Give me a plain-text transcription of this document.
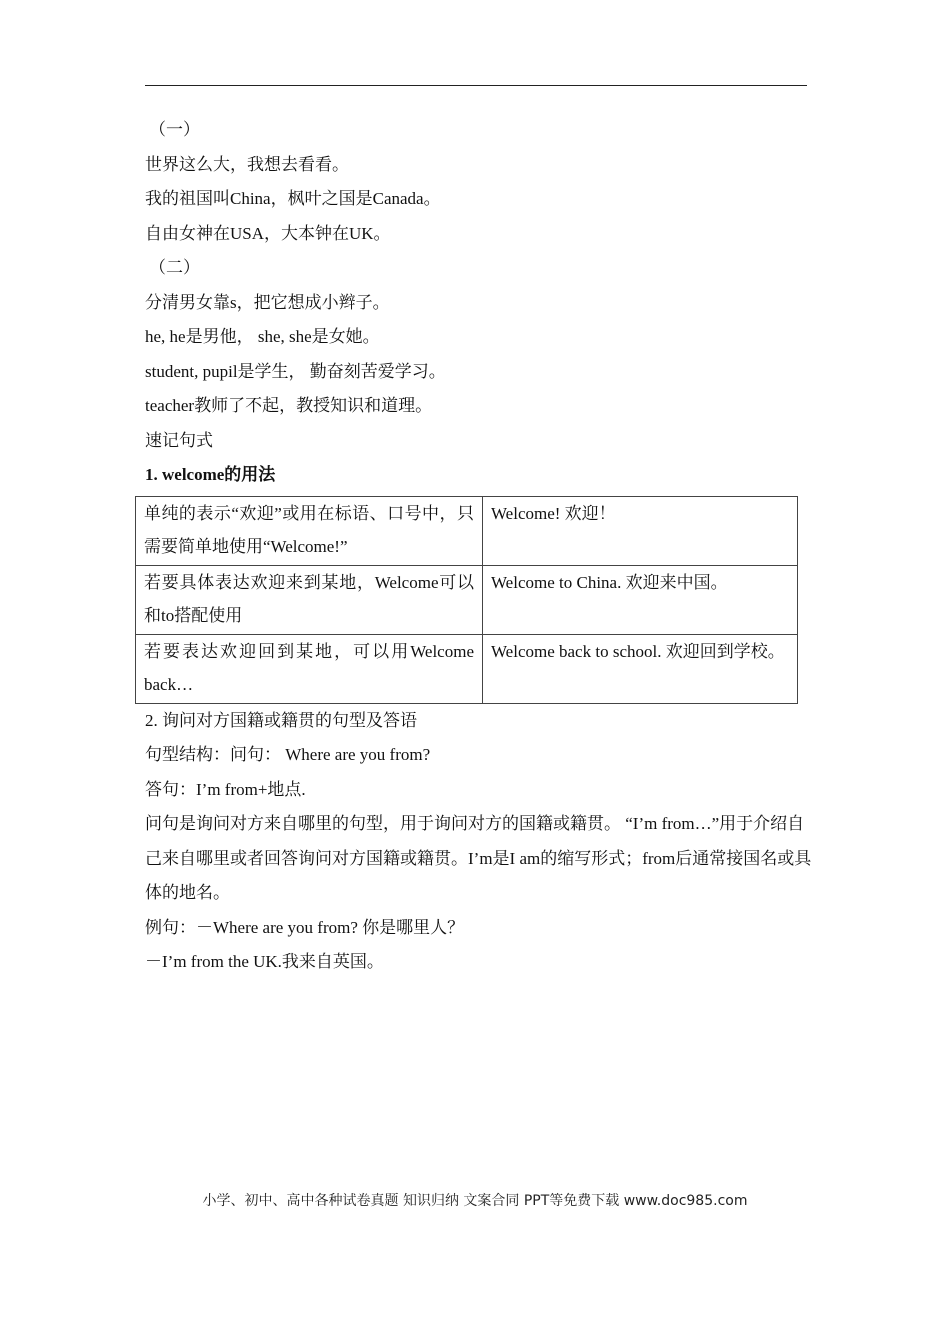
（一）
世界这么大，我想去看看。
我的祖国叫China，枫叶之国是Canada。
自由女神在USA，大本钟在UK。
（二）
分清男女靠s，把它想成小辫子。
he, he是男他， she, she是女她。
student, pupil是学生， 勤奋刻苦爱学习。
teacher教师了不起，教授知识和道理。
速记句式
1. welcome的用法
单纯的表示“欢迎”或用在标语、口号中，只需要简单地使用“Welcome!”	Welcome! 欢迎！
若要具体表达欢迎来到某地，Welcome可以和to搭配使用	Welcome to China. 欢迎来中国。
若要表达欢迎回到某地，可以用Welcome back…	Welcome back to school. 欢迎回到学校。
2. 询问对方国籍或籍贯的句型及答语
句型结构：问句： Where are you from?
答句：I’m from+地点.
问句是询问对方来自哪里的句型，用于询问对方的国籍或籍贯。 “I’m from…”用于介绍自己来自哪里或者回答询问对方国籍或籍贯。I’m是I am的缩写形式；from后通常接国名或具体的地名。
例句：－Where are you from? 你是哪里人？
－I’m from the UK.我来自英国。
小学、初中、高中各种试卷真题 知识归纳 文案合同 PPT等免费下载 www.doc985.com
